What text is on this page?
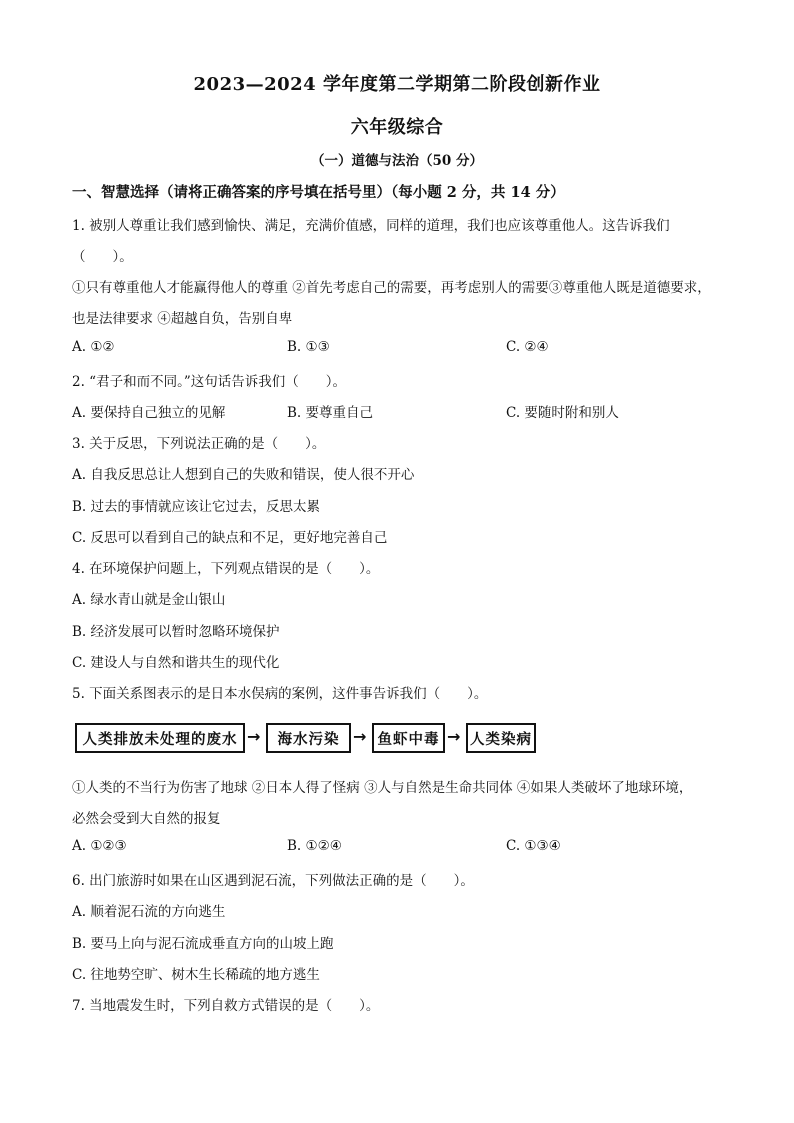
2023—2024 学年度第二学期第二阶段创新作业
六年级综合
（一）道德与法治（50 分）
一、智慧选择（请将正确答案的序号填在括号里）（每小题 2 分，共 14 分）
1. 被别人尊重让我们感到愉快、满足，充满价值感，同样的道理，我们也应该尊重他人。这告诉我们
（　　）。
①只有尊重他人才能赢得他人的尊重 ②首先考虑自己的需要，再考虑别人的需要③尊重他人既是道德要求，
也是法律要求 ④超越自负，告别自卑
A. ①②	B. ①③	C. ②④
2. “君子和而不同。”这句话告诉我们（　　）。
A. 要保持自己独立的见解	B. 要尊重自己	C. 要随时附和别人
3. 关于反思，下列说法正确的是（　　）。
A. 自我反思总让人想到自己的失败和错误，使人很不开心
B. 过去的事情就应该让它过去，反思太累
C. 反思可以看到自己的缺点和不足，更好地完善自己
4. 在环境保护问题上，下列观点错误的是（　　）。
A. 绿水青山就是金山银山
B. 经济发展可以暂时忽略环境保护
C. 建设人与自然和谐共生的现代化
5. 下面关系图表示的是日本水俣病的案例，这件事告诉我们（　　）。
人类排放未处理的废水 →	海水污染 → 鱼虾中毒 → 人类染病
①人类的不当行为伤害了地球 ②日本人得了怪病 ③人与自然是生命共同体 ④如果人类破坏了地球环境，
必然会受到大自然的报复
A. ①②③	B. ①②④	C. ①③④
6. 出门旅游时如果在山区遇到泥石流，下列做法正确的是（　　）。
A. 顺着泥石流的方向逃生
B. 要马上向与泥石流成垂直方向的山坡上跑
C. 往地势空旷、树木生长稀疏的地方逃生
7. 当地震发生时，下列自救方式错误的是（　　）。
